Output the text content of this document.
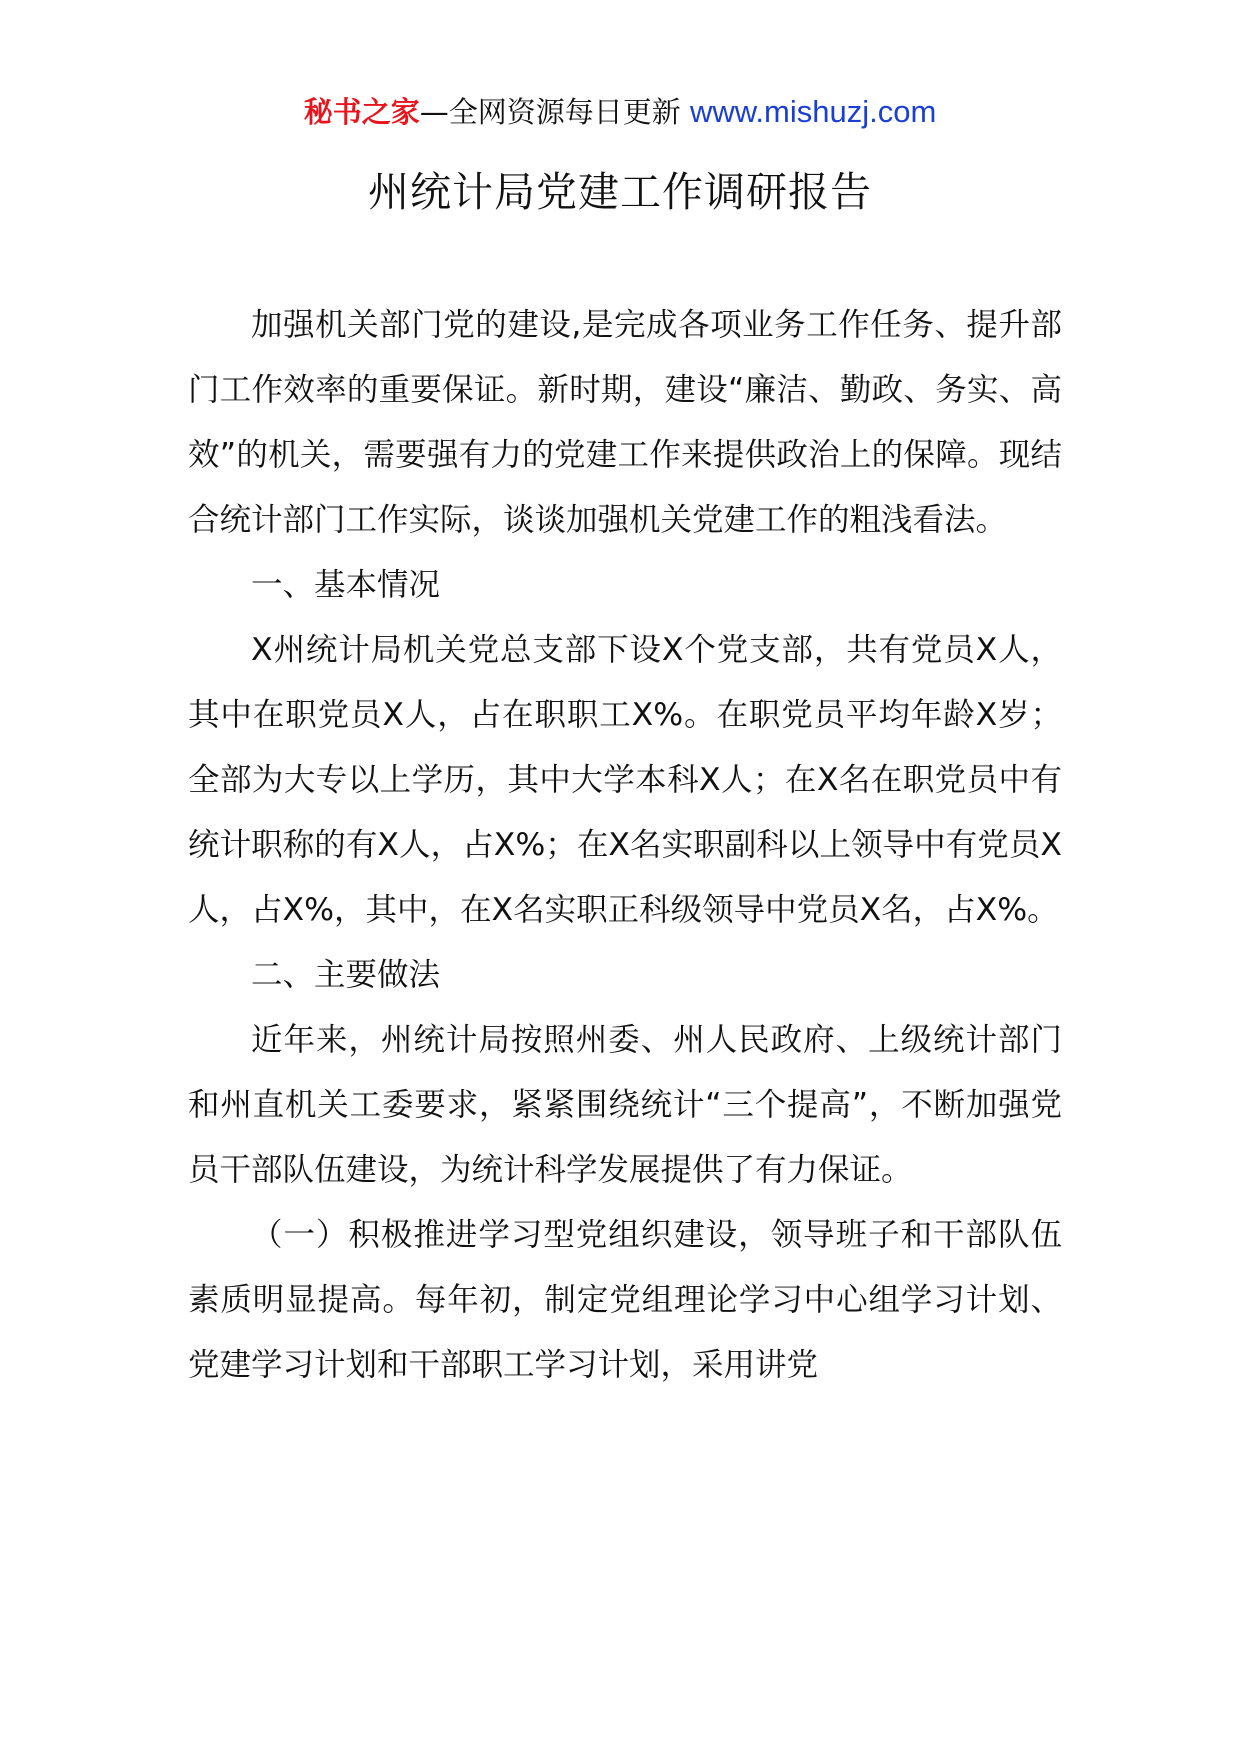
秘书之家—全网资源每日更新 www.mishuzj.com
州统计局党建工作调研报告

加强机关部门党的建设,是完成各项业务工作任务、提升部门工作效率的重要保证。新时期，建设“廉洁、勤政、务实、高效”的机关，需要强有力的党建工作来提供政治上的保障。现结合统计部门工作实际，谈谈加强机关党建工作的粗浅看法。

一、基本情况

X州统计局机关党总支部下设X个党支部，共有党员X人，其中在职党员X人，占在职职工X%。在职党员平均年龄X岁；全部为大专以上学历，其中大学本科X人；在X名在职党员中有统计职称的有X人，占X%；在X名实职副科以上领导中有党员X人，占X%，其中，在X名实职正科级领导中党员X名，占X%。

二、主要做法

近年来，州统计局按照州委、州人民政府、上级统计部门和州直机关工委要求，紧紧围绕统计“三个提高”，不断加强党员干部队伍建设，为统计科学发展提供了有力保证。

（一）积极推进学习型党组织建设，领导班子和干部队伍素质明显提高。每年初，制定党组理论学习中心组学习计划、党建学习计划和干部职工学习计划，采用讲党
